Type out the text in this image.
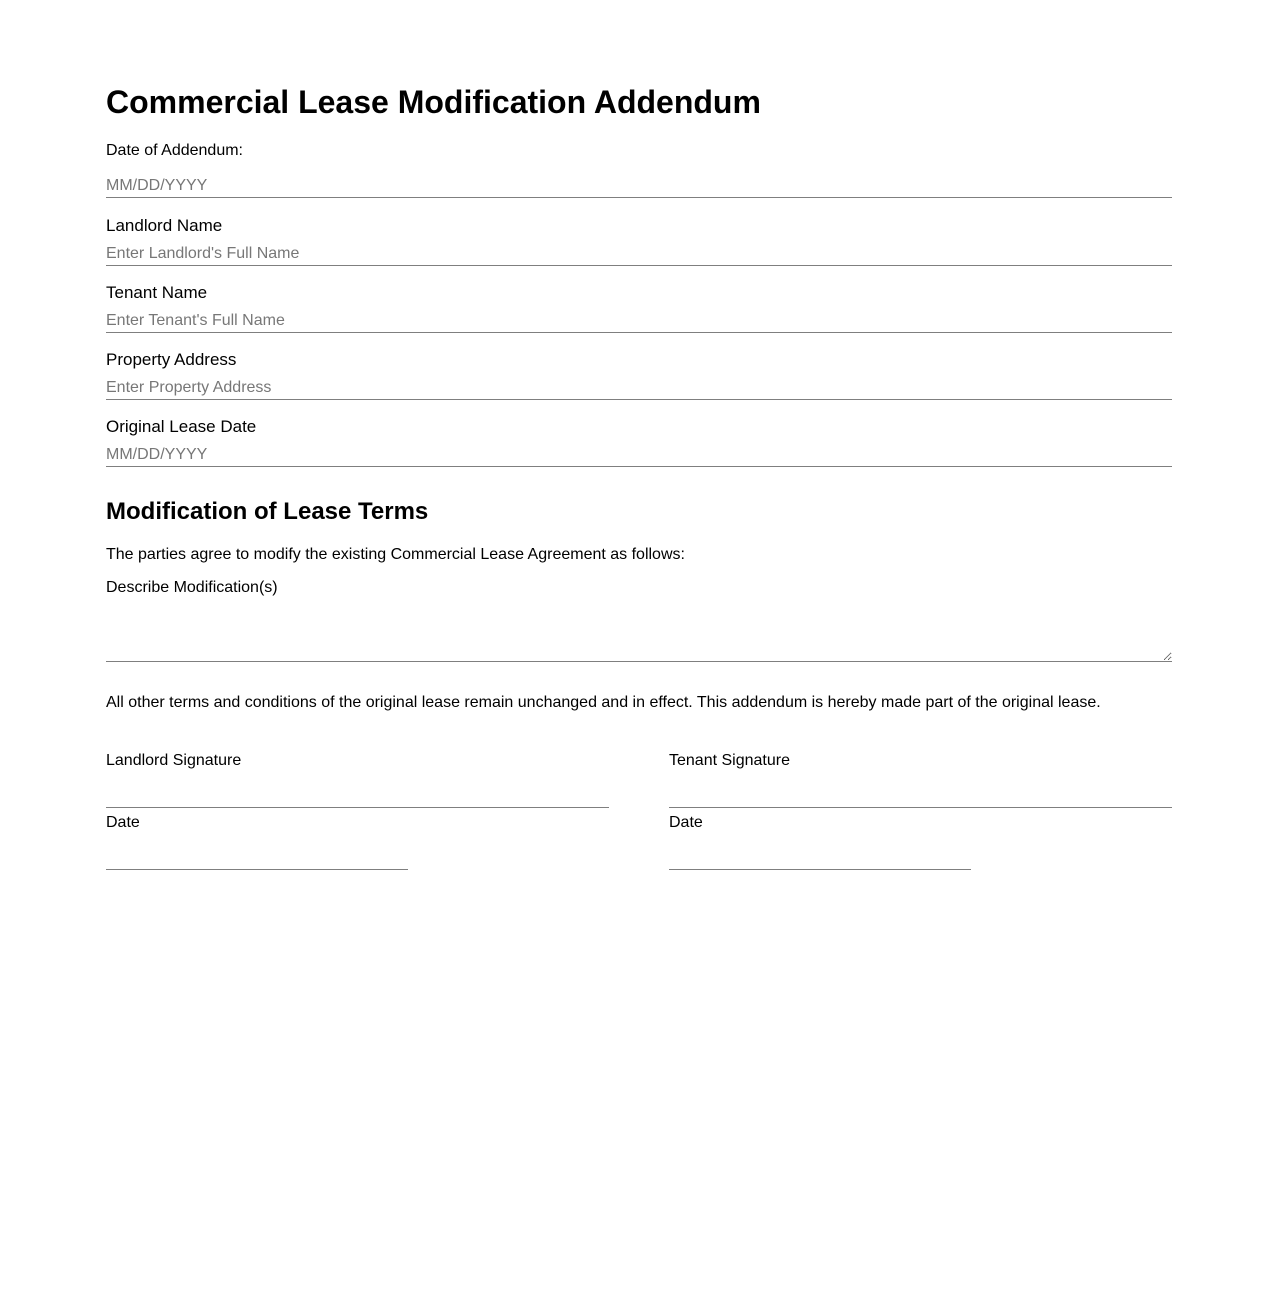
Commercial Lease Modification Addendum
Date of Addendum:
MM/DD/YYYY
Landlord Name
Enter Landlord's Full Name
Tenant Name
Enter Tenant's Full Name
Property Address
Enter Property Address
Original Lease Date
MM/DD/YYYY
Modification of Lease Terms
The parties agree to modify the existing Commercial Lease Agreement as follows:
Describe Modification(s)
All other terms and conditions of the original lease remain unchanged and in effect. This addendum is hereby made part of the original lease.
Landlord Signature
Date
Tenant Signature
Date
